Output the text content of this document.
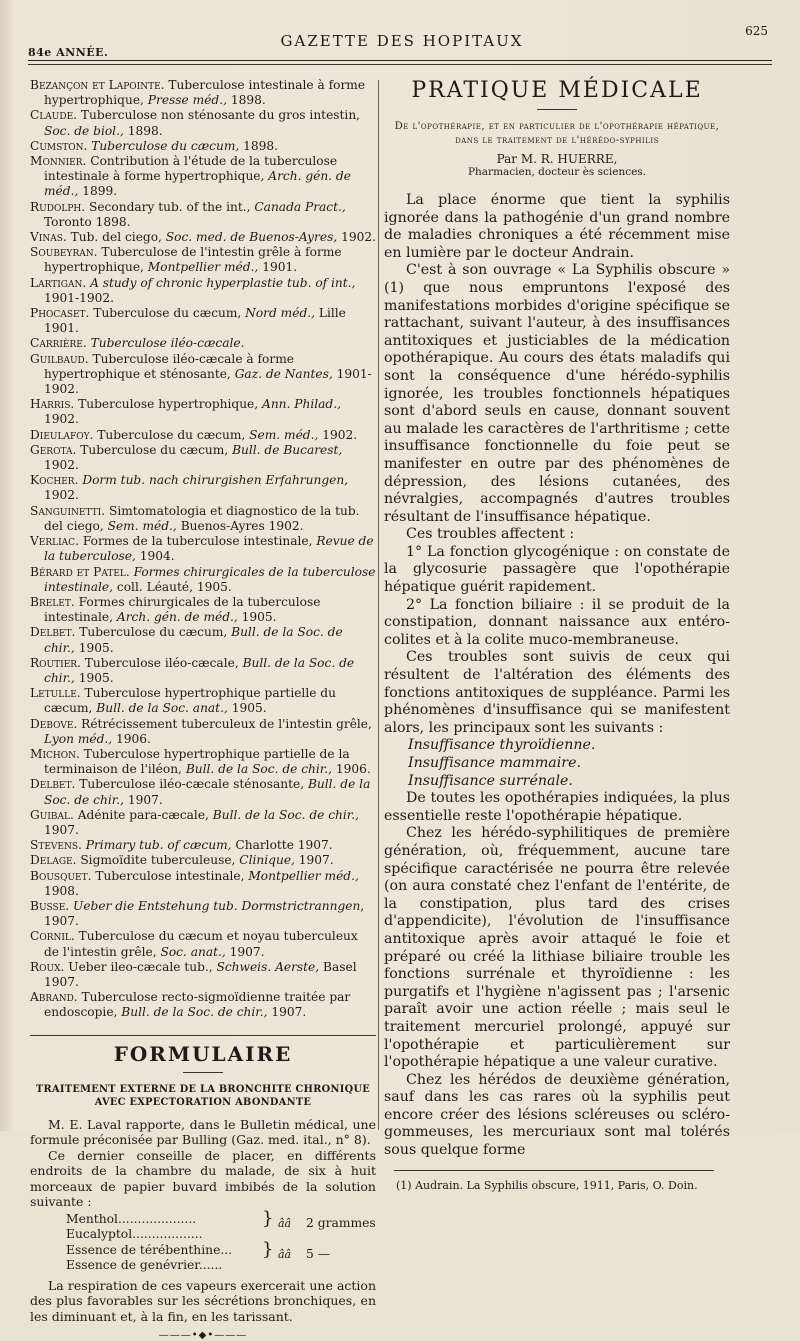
84e ANNÉE.
GAZETTE DES HOPITAUX
625

Bezançon et Lapointe. Tuberculose intestinale à forme hypertrophique, Presse méd., 1898.

Claude. Tuberculose non sténosante du gros intestin, Soc. de biol., 1898.

Cumston. Tuberculose du cæcum, 1898.

Monnier. Contribution à l'étude de la tuberculose intestinale à forme hypertrophique, Arch. gén. de méd., 1899.

Rudolph. Secondary tub. of the int., Canada Pract., Toronto 1898.

Vinas. Tub. del ciego, Soc. med. de Buenos-Ayres, 1902.

Soubeyran. Tuberculose de l'intestin grêle à forme hypertrophique, Montpellier méd., 1901.

Lartigan. A study of chronic hyperplastie tub. of int., 1901-1902.

Phocaset. Tuberculose du cæcum, Nord méd., Lille 1901.

Carrière. Tuberculose iléo-cæcale.

Guilbaud. Tuberculose iléo-cæcale à forme hypertrophique et sténosante, Gaz. de Nantes, 1901-1902.

Harris. Tuberculose hypertrophique, Ann. Philad., 1902.

Dieulafoy. Tuberculose du cæcum, Sem. méd., 1902.

Gerota. Tuberculose du cæcum, Bull. de Bucarest, 1902.

Kocher. Dorm tub. nach chirurgishen Erfahrungen, 1902.

Sanguinetti. Simtomatologia et diagnostico de la tub. del ciego, Sem. méd., Buenos-Ayres 1902.

Verliac. Formes de la tuberculose intestinale, Revue de la tuberculose, 1904.

Bérard et Patel. Formes chirurgicales de la tuberculose intestinale, coll. Léauté, 1905.

Brelet. Formes chirurgicales de la tuberculose intestinale, Arch. gén. de méd., 1905.

Delbet. Tuberculose du cæcum, Bull. de la Soc. de chir., 1905.

Routier. Tuberculose iléo-cæcale, Bull. de la Soc. de chir., 1905.

Letulle. Tuberculose hypertrophique partielle du cæcum, Bull. de la Soc. anat., 1905.

Debove. Rétrécissement tuberculeux de l'intestin grêle, Lyon méd., 1906.

Michon. Tuberculose hypertrophique partielle de la terminaison de l'iléon, Bull. de la Soc. de chir., 1906.

Delbet. Tuberculose iléo-cæcale sténosante, Bull. de la Soc. de chir., 1907.

Guibal. Adénite para-cæcale, Bull. de la Soc. de chir., 1907.

Stevens. Primary tub. of cæcum, Charlotte 1907.

Delage. Sigmoïdite tuberculeuse, Clinique, 1907.

Bousquet. Tuberculose intestinale, Montpellier méd., 1908.

Busse. Ueber die Entstehung tub. Dormstrictranngen, 1907.

Cornil. Tuberculose du cæcum et noyau tuberculeux de l'intestin grêle, Soc. anat., 1907.

Roux. Ueber ileo-cæcale tub., Schweis. Aerste, Basel 1907.

Abrand. Tuberculose recto-sigmoïdienne traitée par endoscopie, Bull. de la Soc. de chir., 1907.

FORMULAIRE
TRAITEMENT EXTERNE DE LA BRONCHITE CHRONIQUE AVEC EXPECTORATION ABONDANTE

M. E. Laval rapporte, dans le Bulletin médical, une formule préconisée par Bulling (Gaz. med. ital., n° 8).

Ce dernier conseille de placer, en différents endroits de la chambre du malade, de six à huit morceaux de papier buvard imbibés de la solution suivante :

Menthol....................
Eucalyptol..................
Essence de térébenthine...
Essence de genévrier......
}
}
ââ
ââ
2 grammes
5 —

La respiration de ces vapeurs exercerait une action des plus favorables sur les sécrétions bronchiques, en les diminuant et, à la fin, en les tarissant.

———•◆•———
PRATIQUE MÉDICALE
De l'opothérapie, et en particulier de l'opothérapie hépatique, dans le traitement de l'hérédo-syphilis
Par M. R. HUERRE,
Pharmacien, docteur ès sciences.

La place énorme que tient la syphilis ignorée dans la pathogénie d'un grand nombre de maladies chroniques a été récemment mise en lumière par le docteur Andrain.

C'est à son ouvrage « La Syphilis obscure » (1) que nous empruntons l'exposé des manifestations morbides d'origine spécifique se rattachant, suivant l'auteur, à des insuffisances antitoxiques et justiciables de la médication opothérapique. Au cours des états maladifs qui sont la conséquence d'une hérédo-syphilis ignorée, les troubles fonctionnels hépatiques sont d'abord seuls en cause, donnant souvent au malade les caractères de l'arthritisme ; cette insuffisance fonctionnelle du foie peut se manifester en outre par des phénomènes de dépression, des lésions cutanées, des névralgies, accompagnés d'autres troubles résultant de l'insuffisance hépatique.

Ces troubles affectent :

1° La fonction glycogénique : on constate de la glycosurie passagère que l'opothérapie hépatique guérit rapidement.

2° La fonction biliaire : il se produit de la constipation, donnant naissance aux entéro-colites et à la colite muco-membraneuse.

Ces troubles sont suivis de ceux qui résultent de l'altération des éléments des fonctions antitoxiques de suppléance. Parmi les phénomènes d'insuffisance qui se manifestent alors, les principaux sont les suivants :

Insuffisance thyroïdienne.
Insuffisance mammaire.
Insuffisance surrénale.

De toutes les opothérapies indiquées, la plus essentielle reste l'opothérapie hépatique.

Chez les hérédo-syphilitiques de première génération, où, fréquemment, aucune tare spécifique caractérisée ne pourra être relevée (on aura constaté chez l'enfant de l'entérite, de la constipation, plus tard des crises d'appendicite), l'évolution de l'insuffisance antitoxique après avoir attaqué le foie et préparé ou créé la lithiase biliaire trouble les fonctions surrénale et thyroïdienne : les purgatifs et l'hygiène n'agissent pas ; l'arsenic paraît avoir une action réelle ; mais seul le traitement mercuriel prolongé, appuyé sur l'opothérapie et particulièrement sur l'opothérapie hépatique a une valeur curative.

Chez les hérédos de deuxième génération, sauf dans les cas rares où la syphilis peut encore créer des lésions scléreuses ou scléro-gommeuses, les mercuriaux sont mal tolérés sous quelque forme

(1) Audrain. La Syphilis obscure, 1911, Paris, O. Doin.
